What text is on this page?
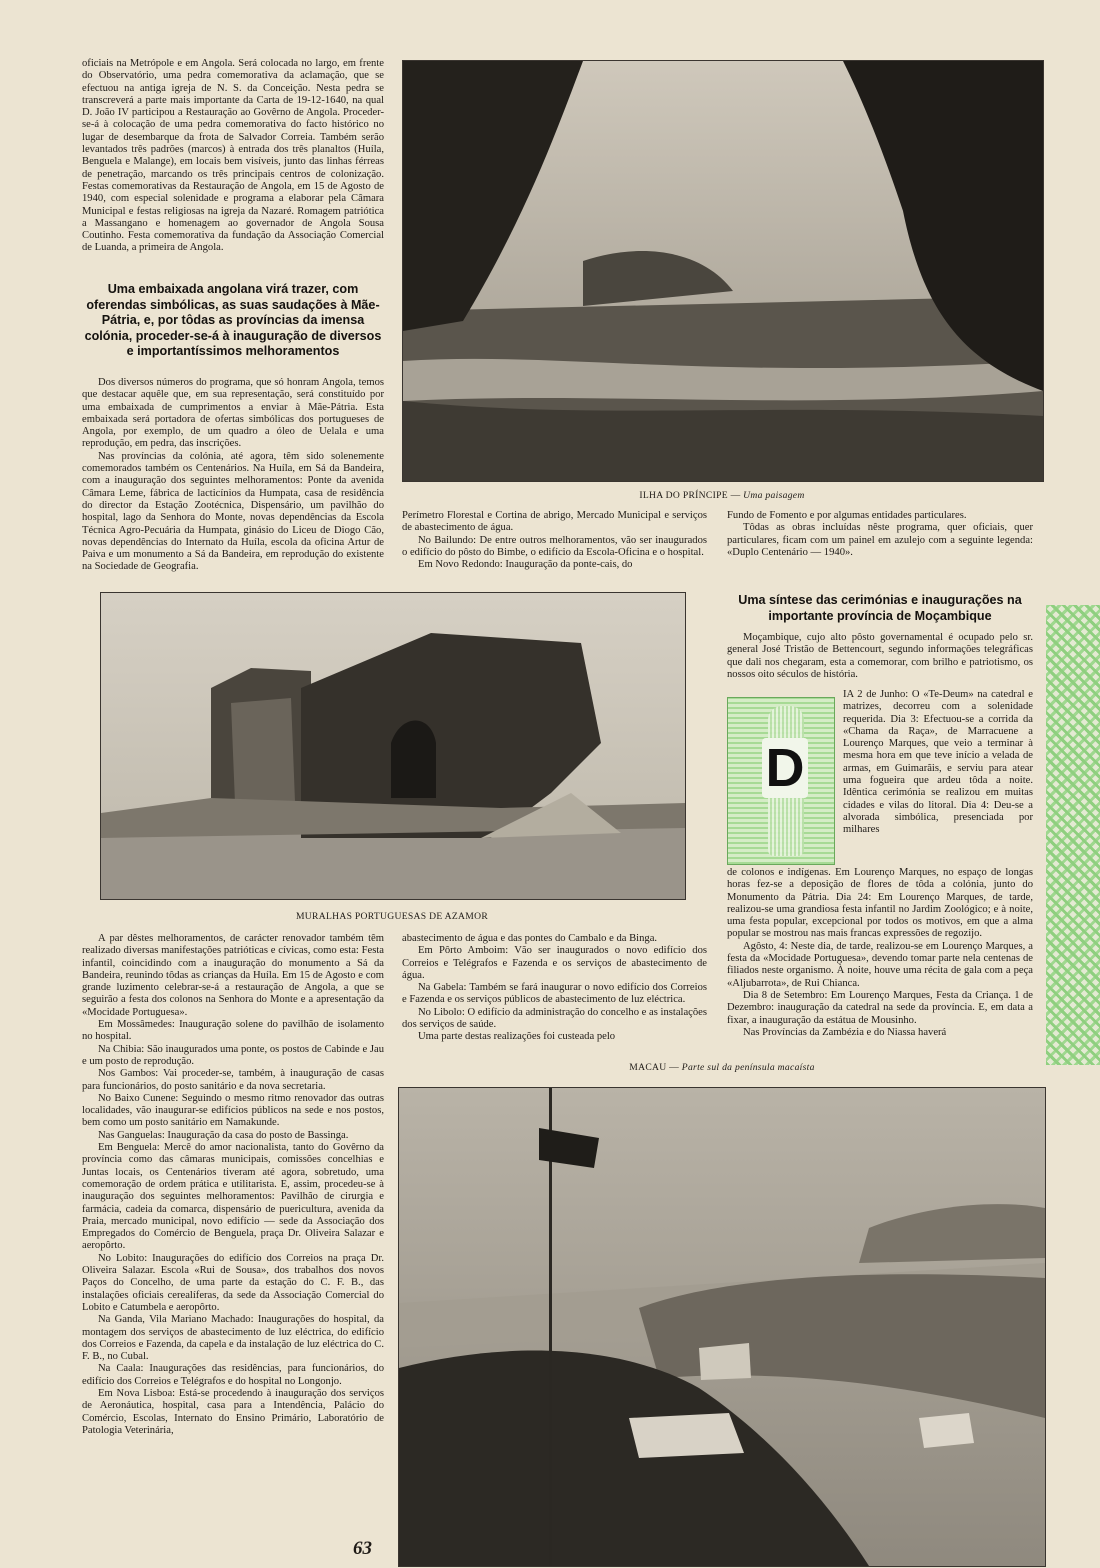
oficiais na Metrópole e em Angola. Será colocada no largo, em frente do Observatório, uma pedra comemorativa da aclamação, que se efectuou na antiga igreja de N. S. da Conceição. Nesta pedra se transcreverá a parte mais importante da Carta de 19-12-1640, na qual D. João IV participou a Restauração ao Govêrno de Angola. Proceder-se-á à colocação de uma pedra comemorativa do facto histórico no lugar de desembarque da frota de Salvador Correia. Também serão levantados três padrões (marcos) à entrada dos três planaltos (Huíla, Benguela e Malange), em locais bem visíveis, junto das linhas férreas de penetração, marcando os três principais centros de colonização. Festas comemorativas da Restauração de Angola, em 15 de Agosto de 1940, com especial solenidade e programa a elaborar pela Câmara Municipal e festas religiosas na igreja da Nazaré. Romagem patriótica a Massangano e homenagem ao governador de Angola Sousa Coutinho. Festa comemorativa da fundação da Associação Comercial de Luanda, a primeira de Angola.

Uma embaixada angolana virá trazer, com oferendas simbólicas, as suas saudações à Mãe-Pátria, e, por tôdas as províncias da imensa colónia, proceder-se-á à inauguração de diversos e importantíssimos melhoramentos

Dos diversos números do programa, que só honram Angola, temos que destacar aquêle que, em sua representação, será constituído por uma embaixada de cumprimentos a enviar à Mãe-Pátria. Esta embaixada será portadora de ofertas simbólicas dos portugueses de Angola, por exemplo, de um quadro a óleo de Uelala e uma reprodução, em pedra, das inscrições.

Nas províncias da colónia, até agora, têm sido solenemente comemorados também os Centenários. Na Huíla, em Sá da Bandeira, com a inauguração dos seguintes melhoramentos: Ponte da avenida Câmara Leme, fábrica de lacticínios da Humpata, casa de residência do director da Estação Zootécnica, Dispensário, um pavilhão do hospital, lago da Senhora do Monte, novas dependências da Escola Técnica Agro-Pecuária da Humpata, ginásio do Liceu de Diogo Cão, novas dependências do Internato da Huíla, escola da oficina Artur de Paiva e um monumento a Sá da Bandeira, em reprodução do existente na Sociedade de Geografia.

ILHA DO PRÍNCIPE — Uma paisagem

Perímetro Florestal e Cortina de abrigo, Mercado Municipal e serviços de abastecimento de água.

No Bailundo: De entre outros melhoramentos, vão ser inaugurados o edifício do pôsto do Bimbe, o edifício da Escola-Oficina e o hospital.

Em Novo Redondo: Inauguração da ponte-cais, do

Fundo de Fomento e por algumas entidades particulares.

Tôdas as obras incluídas nêste programa, quer oficiais, quer particulares, ficam com um painel em azulejo com a seguinte legenda: «Duplo Centenário — 1940».

Uma síntese das cerimónias e inaugurações na importante província de Moçambique

Moçambique, cujo alto pôsto governamental é ocupado pelo sr. general José Tristão de Bettencourt, segundo informações telegráficas que dali nos chegaram, esta a comemorar, com brilho e patriotismo, os nossos oito séculos de história.

D

IA 2 de Junho: O «Te-Deum» na catedral e matrizes, decorreu com a solenidade requerida. Dia 3: Efectuou-se a corrida da «Chama da Raça», de Marracuene a Lourenço Marques, que veio a terminar à mesma hora em que teve início a velada de armas, em Guimarãis, e serviu para atear uma fogueira que ardeu tôda a noite. Idêntica cerimónia se realizou em muitas cidades e vilas do litoral. Dia 4: Deu-se a alvorada simbólica, presenciada por milhares

de colonos e indígenas. Em Lourenço Marques, no espaço de longas horas fez-se a deposição de flores de tôda a colónia, junto do Monumento da Pátria. Dia 24: Em Lourenço Marques, de tarde, realizou-se uma grandiosa festa infantil no Jardim Zoológico; e à noite, uma festa popular, excepcional por todos os motivos, em que a alma popular se mostrou nas mais francas expressões de regozijo.

Agôsto, 4: Neste dia, de tarde, realizou-se em Lourenço Marques, a festa da «Mocidade Portuguesa», devendo tomar parte nela centenas de filiados neste organismo. À noite, houve uma récita de gala com a peça «Aljubarrota», de Rui Chianca.

Dia 8 de Setembro: Em Lourenço Marques, Festa da Criança. 1 de Dezembro: inauguração da catedral na sede da província. E, em data a fixar, a inauguração da estátua de Mousinho.

Nas Províncias da Zambézia e do Niassa haverá

MURALHAS PORTUGUESAS DE AZAMOR

A par dêstes melhoramentos, de carácter renovador também têm realizado diversas manifestações patrióticas e cívicas, como esta: Festa infantil, coincidindo com a inauguração do monumento a Sá da Bandeira, reunindo tôdas as crianças da Huíla. Em 15 de Agosto e com grande luzimento celebrar-se-á a restauração de Angola, a que se seguirão a festa dos colonos na Senhora do Monte e a apresentação da «Mocidade Portuguesa».

Em Mossâmedes: Inauguração solene do pavilhão de isolamento no hospital.

Na Chibia: São inaugurados uma ponte, os postos de Cabinde e Jau e um posto de reprodução.

Nos Gambos: Vai proceder-se, também, à inauguração de casas para funcionários, do posto sanitário e da nova secretaria.

No Baixo Cunene: Seguindo o mesmo ritmo renovador das outras localidades, vão inaugurar-se edifícios públicos na sede e nos postos, bem como um posto sanitário em Namakunde.

Nas Ganguelas: Inauguração da casa do posto de Bassinga.

Em Benguela: Mercê do amor nacionalista, tanto do Govêrno da província como das câmaras municipais, comissões concelhias e Juntas locais, os Centenários tiveram até agora, sobretudo, uma comemoração de ordem prática e utilitarista. E, assim, procedeu-se à inauguração dos seguintes melhoramentos: Pavilhão de cirurgia e farmácia, cadeia da comarca, dispensário de puericultura, avenida da Praia, mercado municipal, novo edifício — sede da Associação dos Empregados do Comércio de Benguela, praça Dr. Oliveira Salazar e aeropôrto.

No Lobito: Inaugurações do edifício dos Correios na praça Dr. Oliveira Salazar. Escola «Rui de Sousa», dos trabalhos dos novos Paços do Concelho, de uma parte da estação do C. F. B., das instalações oficiais cerealíferas, da sede da Associação Comercial do Lobito e Catumbela e aeropôrto.

Na Ganda, Vila Mariano Machado: Inaugurações do hospital, da montagem dos serviços de abastecimento de luz eléctrica, do edifício dos Correios e Fazenda, da capela e da instalação de luz eléctrica do C. F. B., no Cubal.

Na Caala: Inaugurações das residências, para funcionários, do edifício dos Correios e Telégrafos e do hospital no Longonjo.

Em Nova Lisboa: Está-se procedendo à inauguração dos serviços de Aeronáutica, hospital, casa para a Intendência, Palácio do Comércio, Escolas, Internato do Ensino Primário, Laboratório de Patologia Veterinária,

abastecimento de água e das pontes do Cambalo e da Binga.

Em Pôrto Amboim: Vão ser inaugurados o novo edifício dos Correios e Telégrafos e Fazenda e os serviços de abastecimento de água.

Na Gabela: Também se fará inaugurar o novo edifício dos Correios e Fazenda e os serviços públicos de abastecimento de luz eléctrica.

No Libolo: O edifício da administração do concelho e as instalações dos serviços de saúde.

Uma parte destas realizações foi custeada pelo

MACAU — Parte sul da península macaísta
63
